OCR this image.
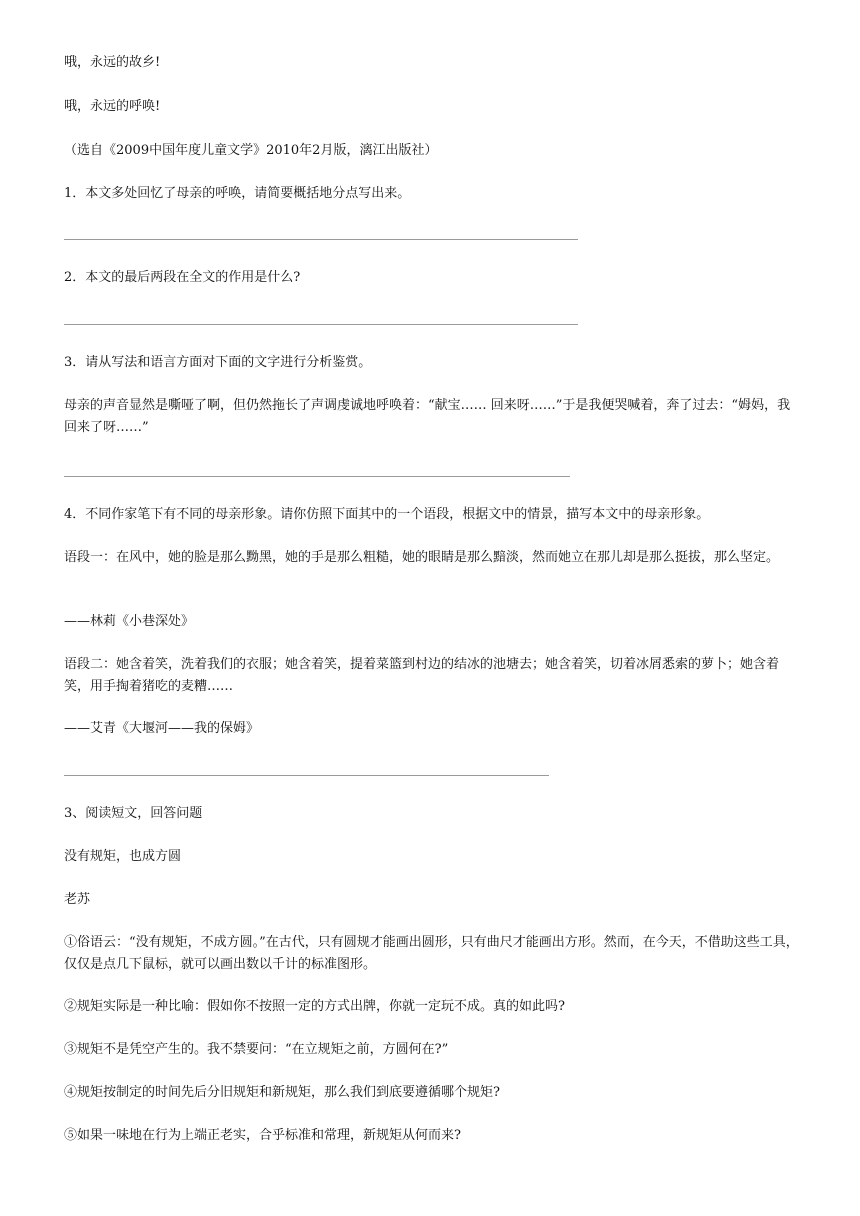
哦，永远的故乡!

哦，永远的呼唤!

（选自《2009中国年度儿童文学》2010年2月版，漓江出版社）

1．本文多处回忆了母亲的呼唤，请简要概括地分点写出来。

2．本文的最后两段在全文的作用是什么?

3．请从写法和语言方面对下面的文字进行分析鉴赏。

母亲的声音显然是嘶哑了啊，但仍然拖长了声调虔诚地呼唤着：“献宝…… 回来呀……”于是我便哭喊着，奔了过去：“姆妈，我回来了呀……”

4．不同作家笔下有不同的母亲形象。请你仿照下面其中的一个语段，根据文中的情景，描写本文中的母亲形象。

语段一：在风中，她的脸是那么黝黑，她的手是那么粗糙，她的眼睛是那么黯淡，然而她立在那儿却是那么挺拔，那么坚定。

——林莉《小巷深处》

语段二：她含着笑，洗着我们的衣服；她含着笑，提着菜篮到村边的结冰的池塘去；她含着笑，切着冰屑悉索的萝卜；她含着笑，用手掏着猪吃的麦糟……

——艾青《大堰河——我的保姆》

3、阅读短文，回答问题

没有规矩，也成方圆

老苏

①俗语云：“没有规矩，不成方圆。”在古代，只有圆规才能画出圆形，只有曲尺才能画出方形。然而，在今天，不借助这些工具，仅仅是点几下鼠标，就可以画出数以千计的标准图形。

②规矩实际是一种比喻：假如你不按照一定的方式出牌，你就一定玩不成。真的如此吗?

③规矩不是凭空产生的。我不禁要问：“在立规矩之前，方圆何在?”

④规矩按制定的时间先后分旧规矩和新规矩，那么我们到底要遵循哪个规矩?

⑤如果一味地在行为上端正老实，合乎标准和常理，新规矩从何而来?
